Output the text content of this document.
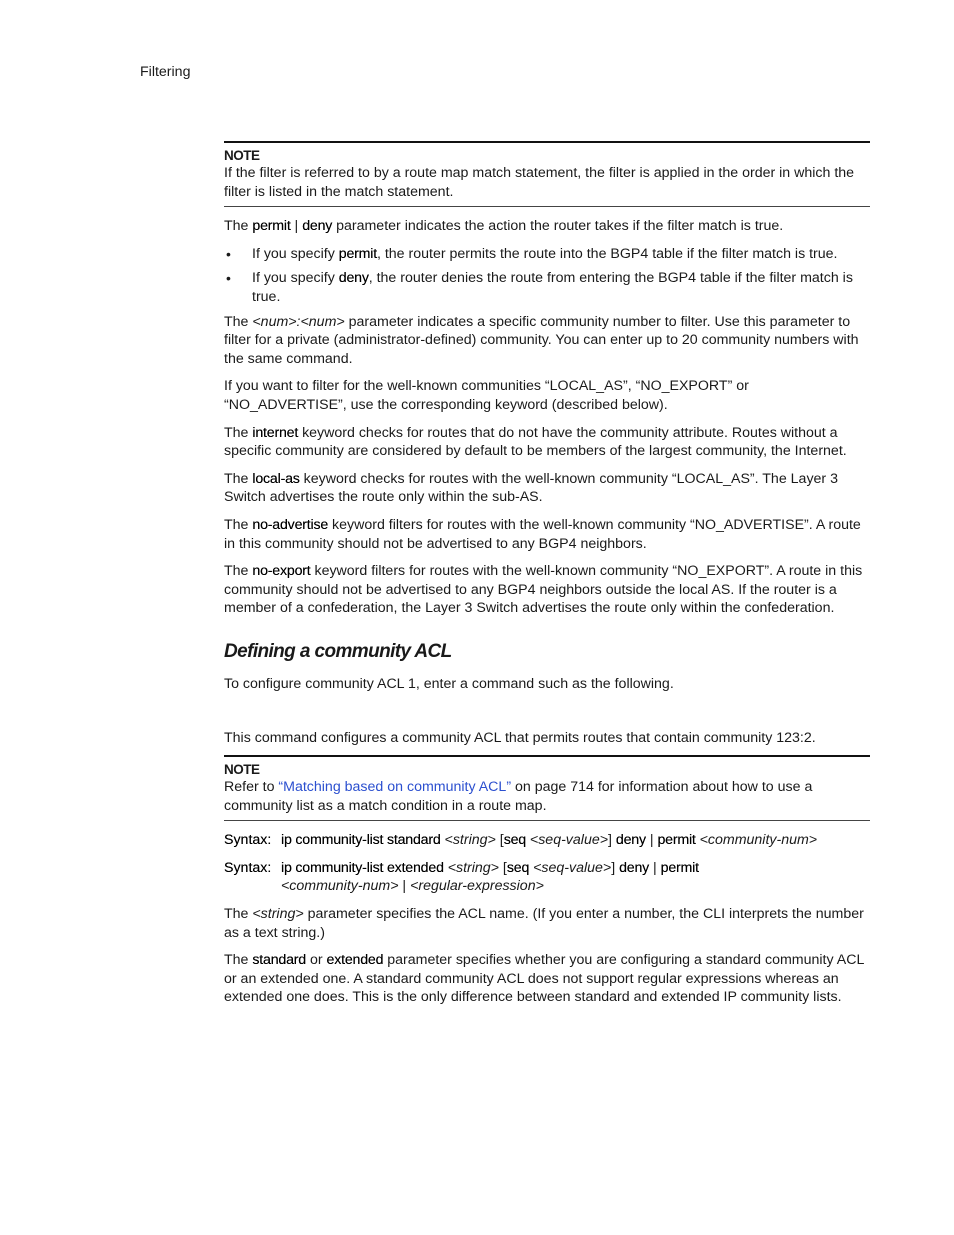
Filtering
NOTE

If the filter is referred to by a route map match statement, the filter is applied in the order in which the filter is listed in the match statement.

The permit | deny parameter indicates the action the router takes if the filter match is true.

• If you specify permit, the router permits the route into the BGP4 table if the filter match is true.

• If you specify deny, the router denies the route from entering the BGP4 table if the filter match is true.

The <num>:<num> parameter indicates a specific community number to filter. Use this parameter to filter for a private (administrator-defined) community. You can enter up to 20 community numbers with the same command.

If you want to filter for the well-known communities “LOCAL_AS”, “NO_EXPORT” or “NO_ADVERTISE”, use the corresponding keyword (described below).

The internet keyword checks for routes that do not have the community attribute. Routes without a specific community are considered by default to be members of the largest community, the Internet.

The local-as keyword checks for routes with the well-known community “LOCAL_AS”. The Layer 3 Switch advertises the route only within the sub-AS.

The no-advertise keyword filters for routes with the well-known community “NO_ADVERTISE”. A route in this community should not be advertised to any BGP4 neighbors.

The no-export keyword filters for routes with the well-known community “NO_EXPORT”. A route in this community should not be advertised to any BGP4 neighbors outside the local AS. If the router is a member of a confederation, the Layer 3 Switch advertises the route only within the confederation.

Defining a community ACL

To configure community ACL 1, enter a command such as the following.

This command configures a community ACL that permits routes that contain community 123:2.

NOTE

Refer to “Matching based on community ACL” on page 714 for information about how to use a community list as a match condition in a route map.

Syntax: ip community-list standard <string> [seq <seq-value>] deny | permit <community-num>

Syntax: ip community-list extended <string> [seq <seq-value>] deny | permit
<community-num> | <regular-expression>

The <string> parameter specifies the ACL name. (If you enter a number, the CLI interprets the number as a text string.)

The standard or extended parameter specifies whether you are configuring a standard community ACL or an extended one. A standard community ACL does not support regular expressions whereas an extended one does. This is the only difference between standard and extended IP community lists.
